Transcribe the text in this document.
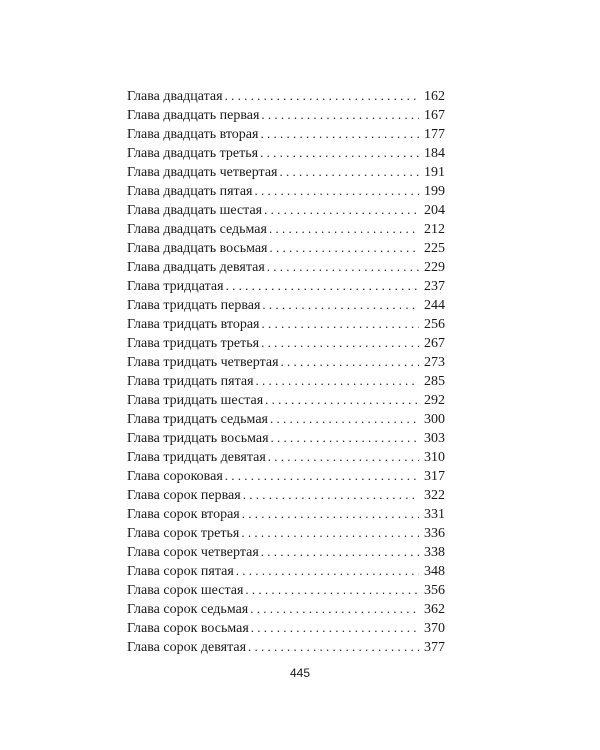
Глава двадцатая . . .	162
Глава двадцать первая . . .	167
Глава двадцать вторая . . .	177
Глава двадцать третья . . .	184
Глава двадцать четвертая . . .	191
Глава двадцать пятая . . .	199
Глава двадцать шестая . . .	204
Глава двадцать седьмая . . .	212
Глава двадцать восьмая . . .	225
Глава двадцать девятая . . .	229
Глава тридцатая . . .	237
Глава тридцать первая . . .	244
Глава тридцать вторая . . .	256
Глава тридцать третья . . .	267
Глава тридцать четвертая . . .	273
Глава тридцать пятая . . .	285
Глава тридцать шестая . . .	292
Глава тридцать седьмая . . .	300
Глава тридцать восьмая . . .	303
Глава тридцать девятая . . .	310
Глава сороковая . . .	317
Глава сорок первая . . .	322
Глава сорок вторая . . .	331
Глава сорок третья . . .	336
Глава сорок четвертая . . .	338
Глава сорок пятая . . .	348
Глава сорок шестая . . .	356
Глава сорок седьмая . . .	362
Глава сорок восьмая . . .	370
Глава сорок девятая . . .	377
445
